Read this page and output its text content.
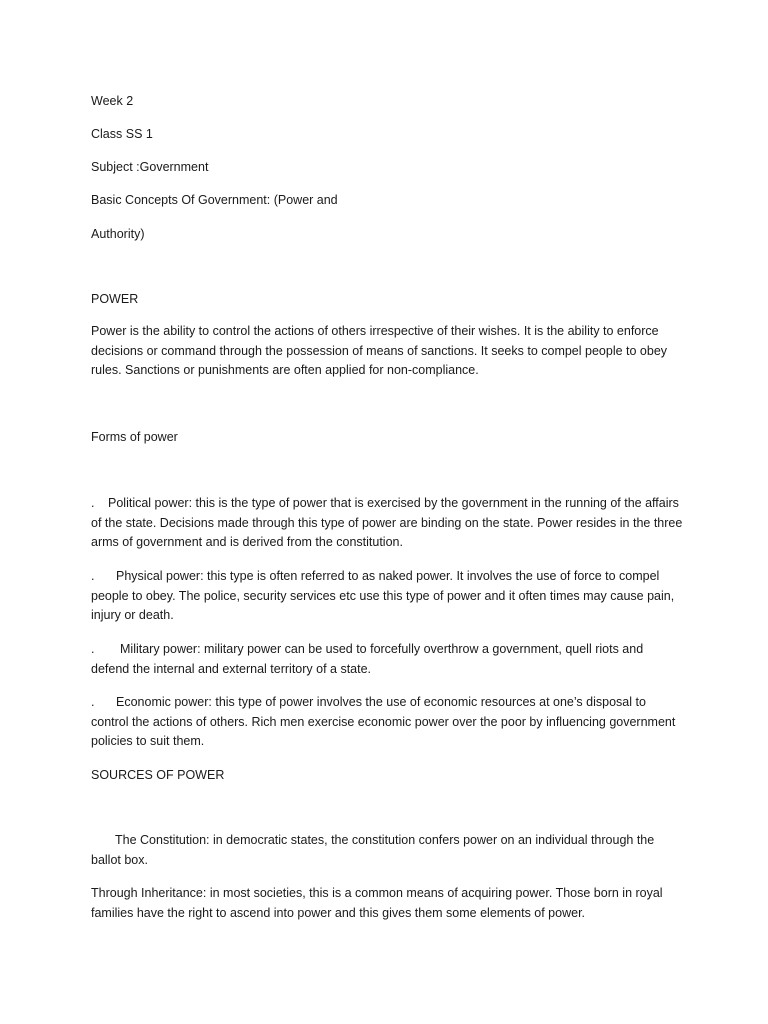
Week 2
Class SS 1
Subject :Government
Basic Concepts Of Government: (Power and
Authority)
POWER
Power is the ability to control the actions of others irrespective of their wishes. It is the ability to enforce decisions or command through the possession of means of sanctions. It seeks to compel people to obey rules. Sanctions or punishments are often applied for non-compliance.
Forms of power
. Political power: this is the type of power that is exercised by the government in the running of the affairs of the state. Decisions made through this type of power are binding on the state. Power resides in the three arms of government and is derived from the constitution.
. Physical power: this type is often referred to as naked power. It involves the use of force to compel people to obey. The police, security services etc use this type of power and it often times may cause pain, injury or death.
. Military power: military power can be used to forcefully overthrow a government, quell riots and defend the internal and external territory of a state.
. Economic power: this type of power involves the use of economic resources at one’s disposal to control the actions of others. Rich men exercise economic power over the poor by influencing government policies to suit them.
SOURCES OF POWER
The Constitution: in democratic states, the constitution confers power on an individual through the ballot box.
Through Inheritance: in most societies, this is a common means of acquiring power. Those born in royal families have the right to ascend into power and this gives them some elements of power.
